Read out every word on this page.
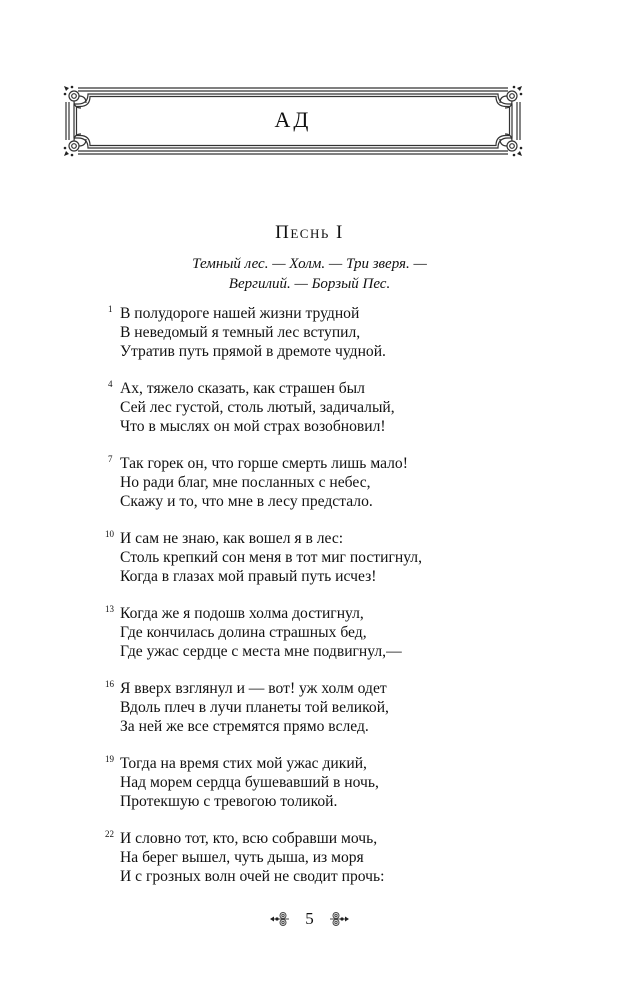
АД
Песнь I
Темный лес. — Холм. — Три зверя. —
Вергилий. — Борзый Пес.
1 В полудороге нашей жизни трудной
В неведомый я темный лес вступил,
Утратив путь прямой в дремоте чудной.
4 Ах, тяжело сказать, как страшен был
Сей лес густой, столь лютый, задичалый,
Что в мыслях он мой страх возобновил!
7 Так горек он, что горше смерть лишь мало!
Но ради благ, мне посланных с небес,
Скажу и то, что мне в лесу предстало.
10 И сам не знаю, как вошел я в лес:
Столь крепкий сон меня в тот миг постигнул,
Когда в глазах мой правый путь исчез!
13 Когда же я подошв холма достигнул,
Где кончилась долина страшных бед,
Где ужас сердце с места мне подвигнул,—
16 Я вверх взглянул и — вот! уж холм одет
Вдоль плеч в лучи планеты той великой,
За ней же все стремятся прямо вслед.
19 Тогда на время стих мой ужас дикий,
Над морем сердца бушевавший в ночь,
Протекшую с тревогою толикой.
22 И словно тот, кто, всю собравши мочь,
На берег вышел, чуть дыша, из моря
И с грозных волн очей не сводит прочь:
5
